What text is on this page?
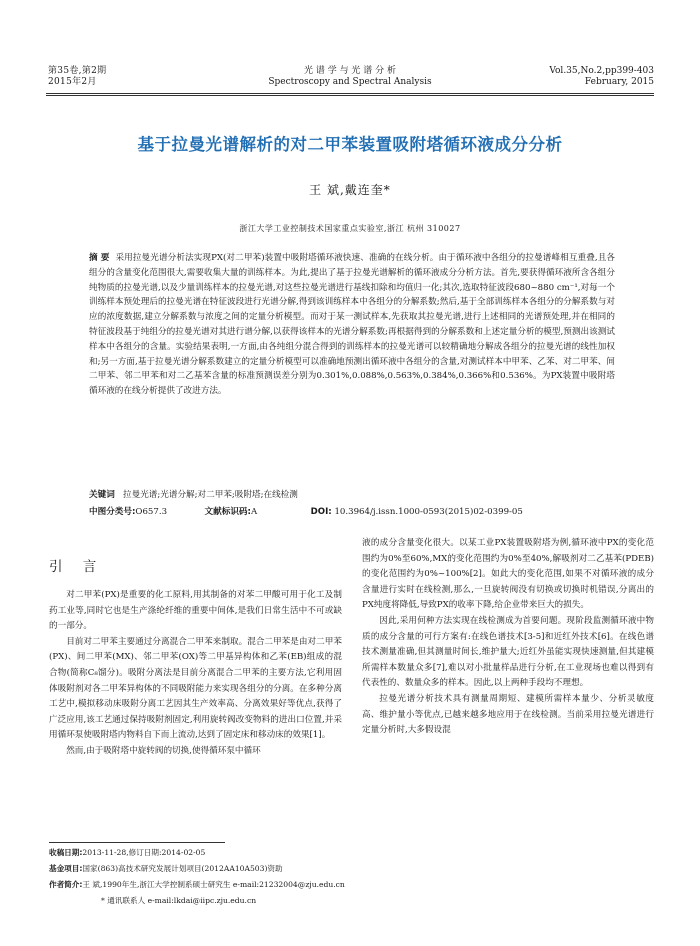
第35卷,第2期
2015年2月
光 谱 学 与 光 谱 分 析
Spectroscopy and Spectral Analysis
Vol.35,No.2,pp399-403
February, 2015
基于拉曼光谱解析的对二甲苯装置吸附塔循环液成分分析
王 斌,戴连奎*
浙江大学工业控制技术国家重点实验室,浙江 杭州 310027
摘 要 采用拉曼光谱分析法实现PX(对二甲苯)装置中吸附塔循环液快速、准确的在线分析。由于循环液中各组分的拉曼谱峰相互重叠,且各组分的含量变化范围很大,需要收集大量的训练样本。为此,提出了基于拉曼光谱解析的循环液成分分析方法。首先,要获得循环液所含各组分纯物质的拉曼光谱,以及少量训练样本的拉曼光谱,对这些拉曼光谱进行基线扣除和均值归一化;其次,选取特征波段680~880 cm⁻¹,对每一个训练样本预处理后的拉曼光谱在特征波段进行光谱分解,得到该训练样本中各组分的分解系数;然后,基于全部训练样本各组分的分解系数与对应的浓度数据,建立分解系数与浓度之间的定量分析模型。而对于某一测试样本,先获取其拉曼光谱,进行上述相同的光谱预处理,并在相同的特征波段基于纯组分的拉曼光谱对其进行谱分解,以获得该样本的光谱分解系数;再根据得到的分解系数和上述定量分析的模型,预测出该测试样本中各组分的含量。实验结果表明,一方面,由各纯组分混合得到的训练样本的拉曼光谱可以较精确地分解成各组分的拉曼光谱的线性加权和;另一方面,基于拉曼光谱分解系数建立的定量分析模型可以准确地预测出循环液中各组分的含量,对测试样本中甲苯、乙苯、对二甲苯、间二甲苯、邻二甲苯和对二乙基苯含量的标准预测误差分别为0.301%,0.088%,0.563%,0.384%,0.366%和0.536%。为PX装置中吸附塔循环液的在线分析提供了改进方法。
关键词 拉曼光谱;光谱分解;对二甲苯;吸附塔;在线检测
中图分类号:O657.3	文献标识码:A	DOI: 10.3964/j.issn.1000-0593(2015)02-0399-05
引 言

对二甲苯(PX)是重要的化工原料,用其制备的对苯二甲酸可用于化工及制药工业等,同时它也是生产涤纶纤维的重要中间体,是我们日常生活中不可或缺的一部分。

目前对二甲苯主要通过分离混合二甲苯来制取。混合二甲苯是由对二甲苯(PX)、间二甲苯(MX)、邻二甲苯(OX)等二甲基异构体和乙苯(EB)组成的混合物(简称C₈馏分)。吸附分离法是目前分离混合二甲苯的主要方法,它利用固体吸附剂对各二甲苯异构体的不同吸附能力来实现各组分的分离。在多种分离工艺中,模拟移动床吸附分离工艺因其生产效率高、分离效果好等优点,获得了广泛应用,该工艺通过保持吸附剂固定,利用旋转阀改变物料的进出口位置,并采用循环泵使吸附塔内物料自下而上流动,达到了固定床和移动床的效果[1]。

然而,由于吸附塔中旋转阀的切换,使得循环泵中循环

液的成分含量变化很大。以某工业PX装置吸附塔为例,循环液中PX的变化范围约为0%至60%,MX的变化范围约为0%至40%,解吸剂对二乙基苯(PDEB)的变化范围约为0%~100%[2]。如此大的变化范围,如果不对循环液的成分含量进行实时在线检测,那么,一旦旋转阀没有切换或切换时机错误,分离出的PX纯度将降低,导致PX的收率下降,给企业带来巨大的损失。

因此,采用何种方法实现在线检测成为首要问题。现阶段监测循环液中物质的成分含量的可行方案有:在线色谱技术[3-5]和近红外技术[6]。在线色谱技术测量准确,但其测量时间长,维护量大;近红外虽能实现快速测量,但其建模所需样本数量众多[7],难以对小批量样品进行分析,在工业现场也难以得到有代表性的、数量众多的样本。因此,以上两种手段均不理想。

拉曼光谱分析技术具有测量周期短、建模所需样本量少、分析灵敏度高、维护量小等优点,已越来越多地应用于在线检测。当前采用拉曼光谱进行定量分析时,大多假设混

收稿日期:2013-11-28,修订日期:2014-02-05
基金项目:国家(863)高技术研究发展计划项目(2012AA10A503)资助
作者简介:王 斌,1990年生,浙江大学控制系硕士研究生 e-mail:21232004@zju.edu.cn
* 通讯联系人 e-mail:lkdai@iipc.zju.edu.cn
